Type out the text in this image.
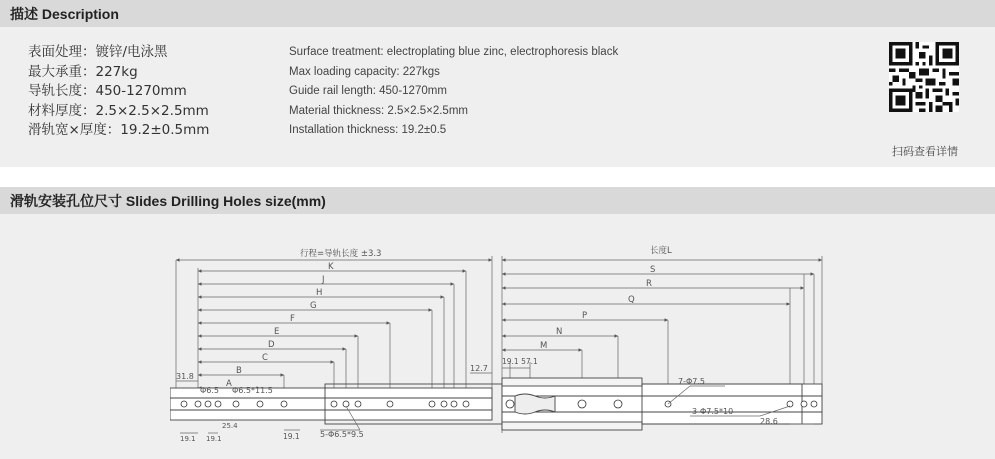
描述 Description
表面处理：镀锌/电泳黑
最大承重：227kg
导轨长度：450-1270mm
材料厚度：2.5×2.5×2.5mm
滑轨宽×厚度：19.2±0.5mm
Surface treatment: electroplating blue zinc, electrophoresis black
Max loading capacity: 227kgs
Guide rail length: 450-1270mm
Material thickness: 2.5×2.5×2.5mm
Installation thickness: 19.2±0.5
扫码查看详情
滑轨安装孔位尺寸 Slides Drilling Holes size(mm)
行程=导轨长度 ±3.3	长度L
K
J
H
G
F
E
D
C
B
A
S
R
Q
P
N
M
31.8
Φ6.5 Φ6.5*11.5
19.1 19.1
25.4
19.1	5-Φ6.5*9.5
12.7
19.1 57.1
7-Φ7.5
3-Φ7.5*10
28.6
